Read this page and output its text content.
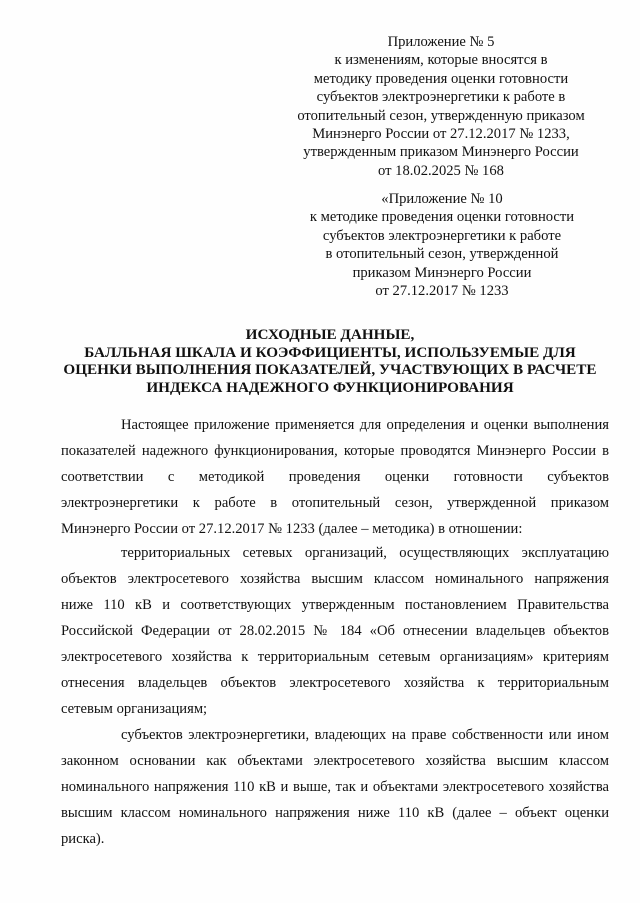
Приложение № 5
к изменениям, которые вносятся в
методику проведения оценки готовности
субъектов электроэнергетики к работе в
отопительный сезон, утвержденную приказом
Минэнерго России от 27.12.2017 № 1233,
утвержденным приказом Минэнерго России
от 18.02.2025 № 168
«Приложение № 10
к методике проведения оценки готовности
субъектов электроэнергетики к работе
в отопительный сезон, утвержденной
приказом Минэнерго России
от 27.12.2017 № 1233
ИСХОДНЫЕ ДАННЫЕ,
БАЛЛЬНАЯ ШКАЛА И КОЭФФИЦИЕНТЫ, ИСПОЛЬЗУЕМЫЕ ДЛЯ
ОЦЕНКИ ВЫПОЛНЕНИЯ ПОКАЗАТЕЛЕЙ, УЧАСТВУЮЩИХ В РАСЧЕТЕ
ИНДЕКСА НАДЕЖНОГО ФУНКЦИОНИРОВАНИЯ
Настоящее приложение применяется для определения и оценки выполнения
показателей надежного функционирования, которые проводятся Минэнерго России в
соответствии с методикой проведения оценки готовности субъектов
электроэнергетики к работе в отопительный сезон, утвержденной приказом
Минэнерго России от 27.12.2017 № 1233 (далее – методика) в отношении:
территориальных сетевых организаций, осуществляющих эксплуатацию
объектов электросетевого хозяйства высшим классом номинального напряжения
ниже 110 кВ и соответствующих утвержденным постановлением Правительства
Российской Федерации от 28.02.2015 № 184 «Об отнесении владельцев объектов
электросетевого хозяйства к территориальным сетевым организациям» критериям
отнесения владельцев объектов электросетевого хозяйства к территориальным
сетевым организациям;
субъектов электроэнергетики, владеющих на праве собственности или ином
законном основании как объектами электросетевого хозяйства высшим классом
номинального напряжения 110 кВ и выше, так и объектами электросетевого хозяйства
высшим классом номинального напряжения ниже 110 кВ (далее – объект оценки
риска).
